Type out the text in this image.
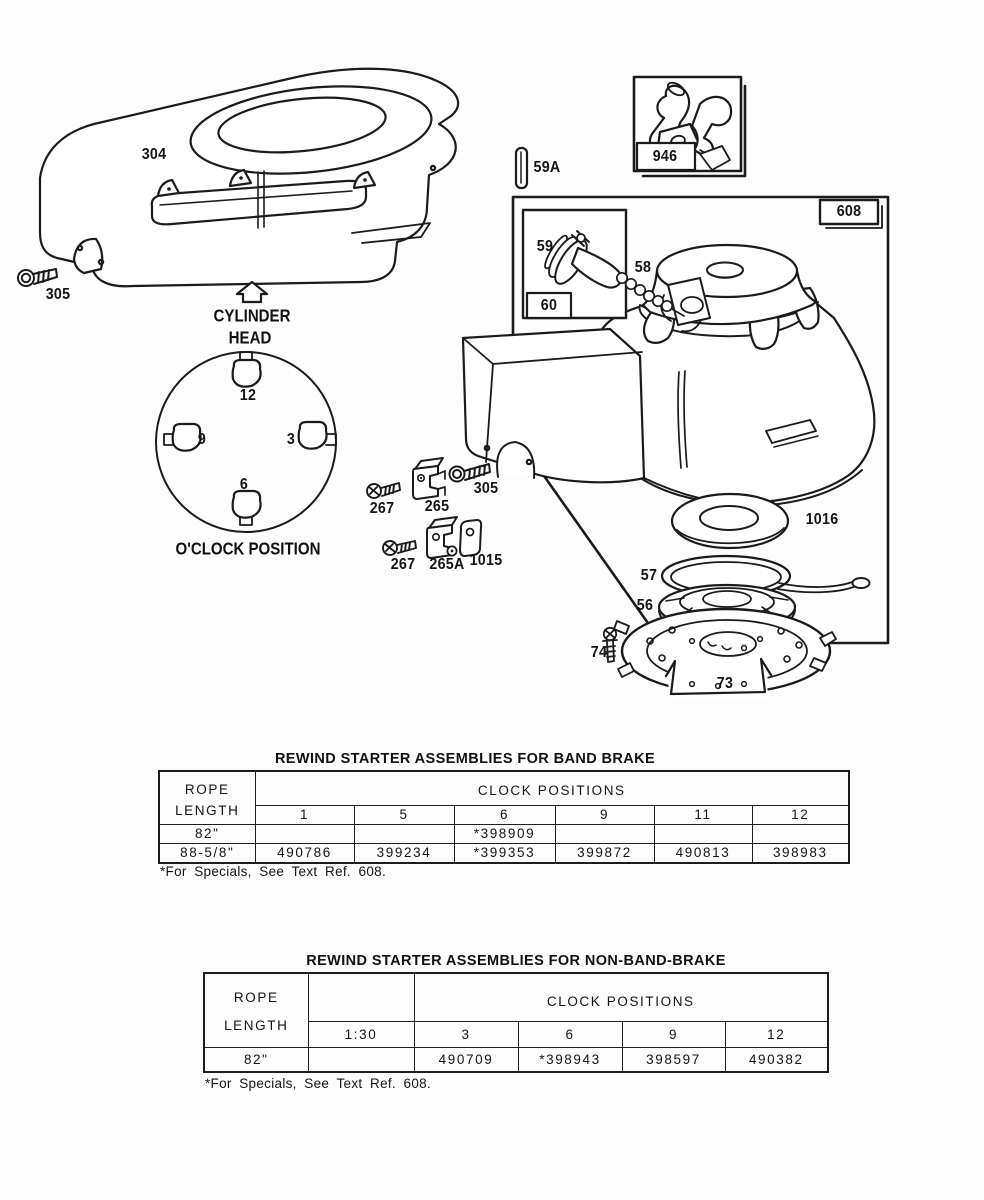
304
305
CYLINDER
HEAD
12
3
9
6
O'CLOCK POSITION
59A
946
608
59
60
58
305
267 265
267 265A 1015
1016
57
56
74
73
REWIND STARTER ASSEMBLIES FOR BAND BRAKE
ROPE
LENGTH	CLOCK POSITIONS					
	1	5	6	9	11	12
82"			*398909			
88-5/8"	490786	399234	*399353	399872	490813	398983
*For Specials, See Text Ref. 608.
REWIND STARTER ASSEMBLIES FOR NON-BAND-BRAKE
ROPE
LENGTH		CLOCK POSITIONS			
	1:30	3	6	9	12
82"		490709	*398943	398597	490382
*For Specials, See Text Ref. 608.
